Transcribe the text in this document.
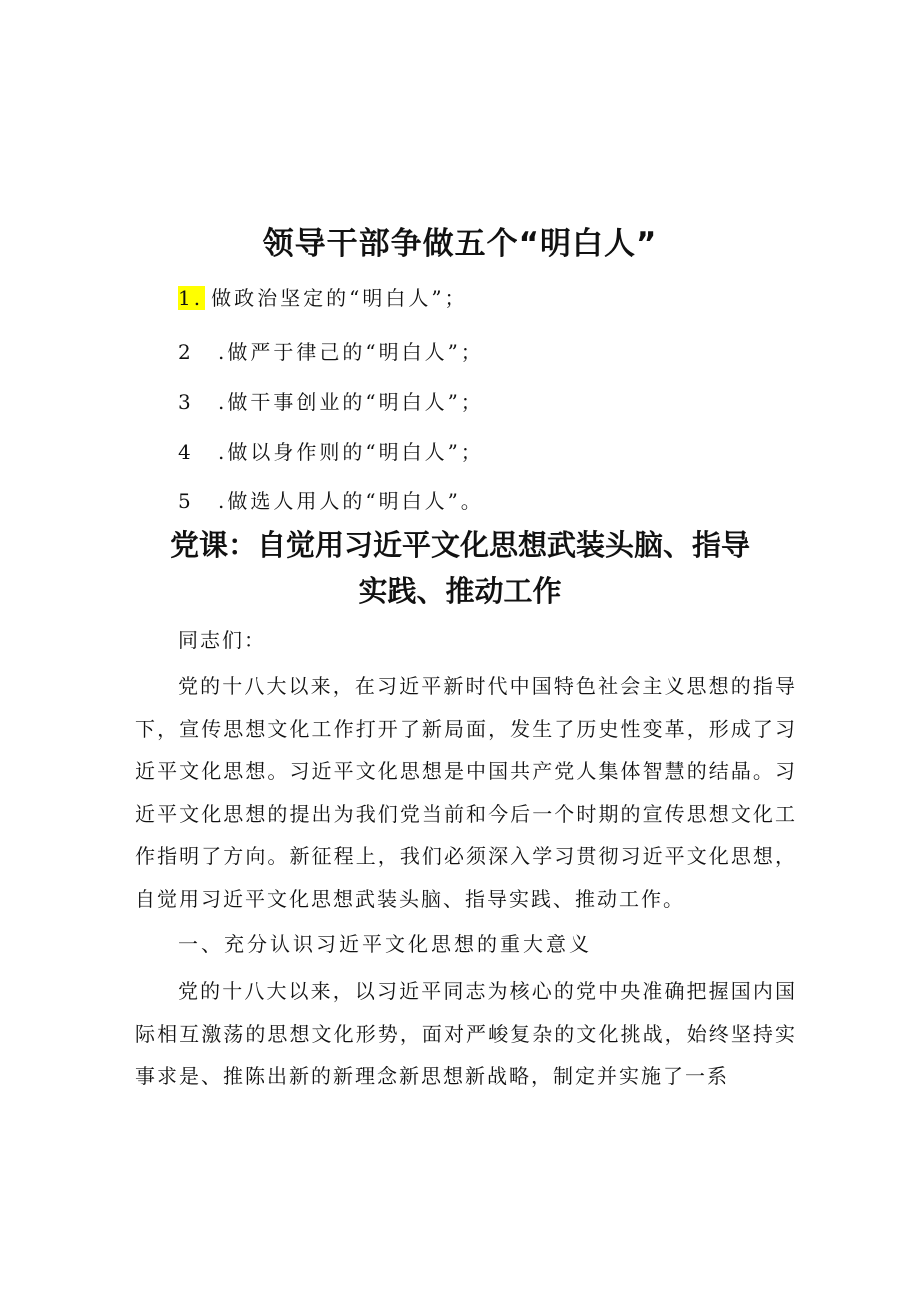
领导干部争做五个“明白人”
1. 做政治坚定的“明白人”；
2 .做严于律己的“明白人”；
3 .做干事创业的“明白人”；
4 .做以身作则的“明白人”；
5 .做选人用人的“明白人”。
党课：自觉用习近平文化思想武装头脑、指导
实践、推动工作
同志们：

党的十八大以来，在习近平新时代中国特色社会主义思想的指导下，宣传思想文化工作打开了新局面，发生了历史性变革，形成了习近平文化思想。习近平文化思想是中国共产党人集体智慧的结晶。习近平文化思想的提出为我们党当前和今后一个时期的宣传思想文化工作指明了方向。新征程上，我们必须深入学习贯彻习近平文化思想，自觉用习近平文化思想武装头脑、指导实践、推动工作。

一、充分认识习近平文化思想的重大意义

党的十八大以来，以习近平同志为核心的党中央准确把握国内国际相互激荡的思想文化形势，面对严峻复杂的文化挑战，始终坚持实事求是、推陈出新的新理念新思想新战略，制定并实施了一系
